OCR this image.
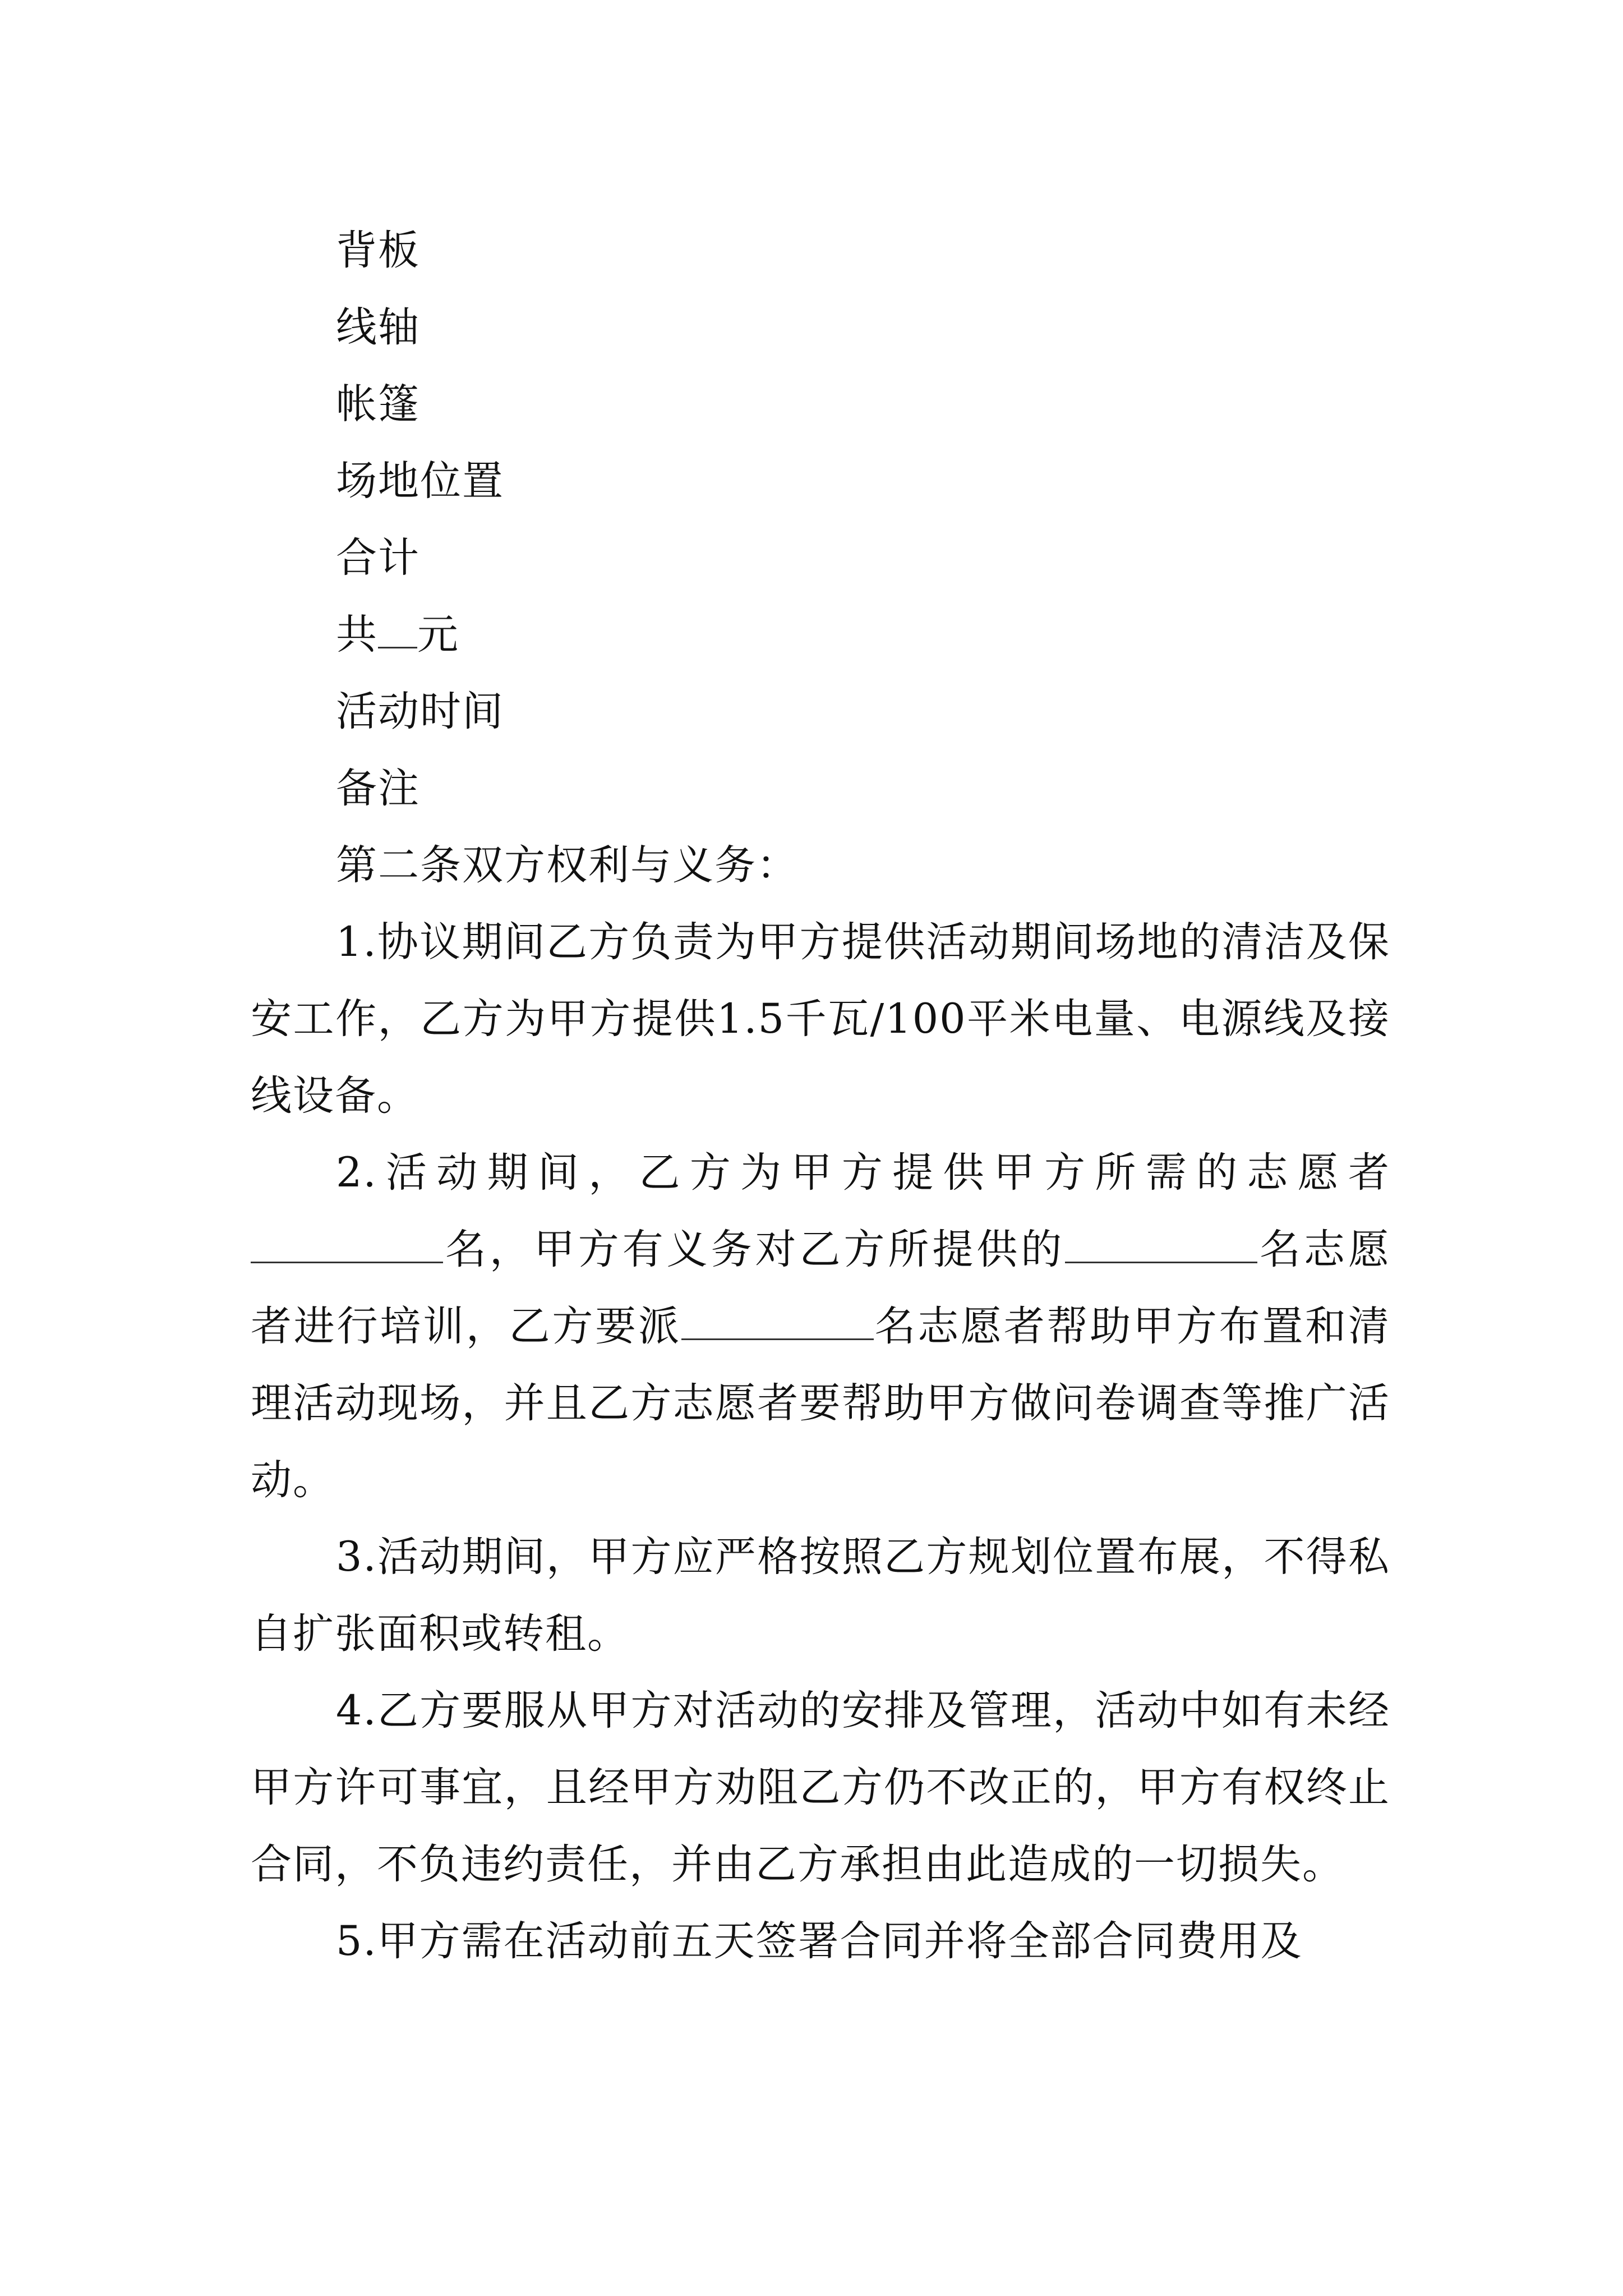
背板

线轴

帐篷

场地位置

合计

共 元

活动时间

备注

第二条双方权利与义务：

1.协议期间乙方负责为甲方提供活动期间场地的清洁及保安工作，乙方为甲方提供1.5千瓦/100平米电量、电源线及接线设备。

2.活动期间，乙方为甲方提供甲方所需的志愿者名，甲方有义务对乙方所提供的	名志愿者进行培训，乙方要派	名志愿者帮助甲方布置和清理活动现场，并且乙方志愿者要帮助甲方做问卷调查等推广活动。

3.活动期间，甲方应严格按照乙方规划位置布展，不得私自扩张面积或转租。

4.乙方要服从甲方对活动的安排及管理，活动中如有未经甲方许可事宜，且经甲方劝阻乙方仍不改正的，甲方有权终止合同，不负违约责任，并由乙方承担由此造成的一切损失。

5.甲方需在活动前五天签署合同并将全部合同费用及
